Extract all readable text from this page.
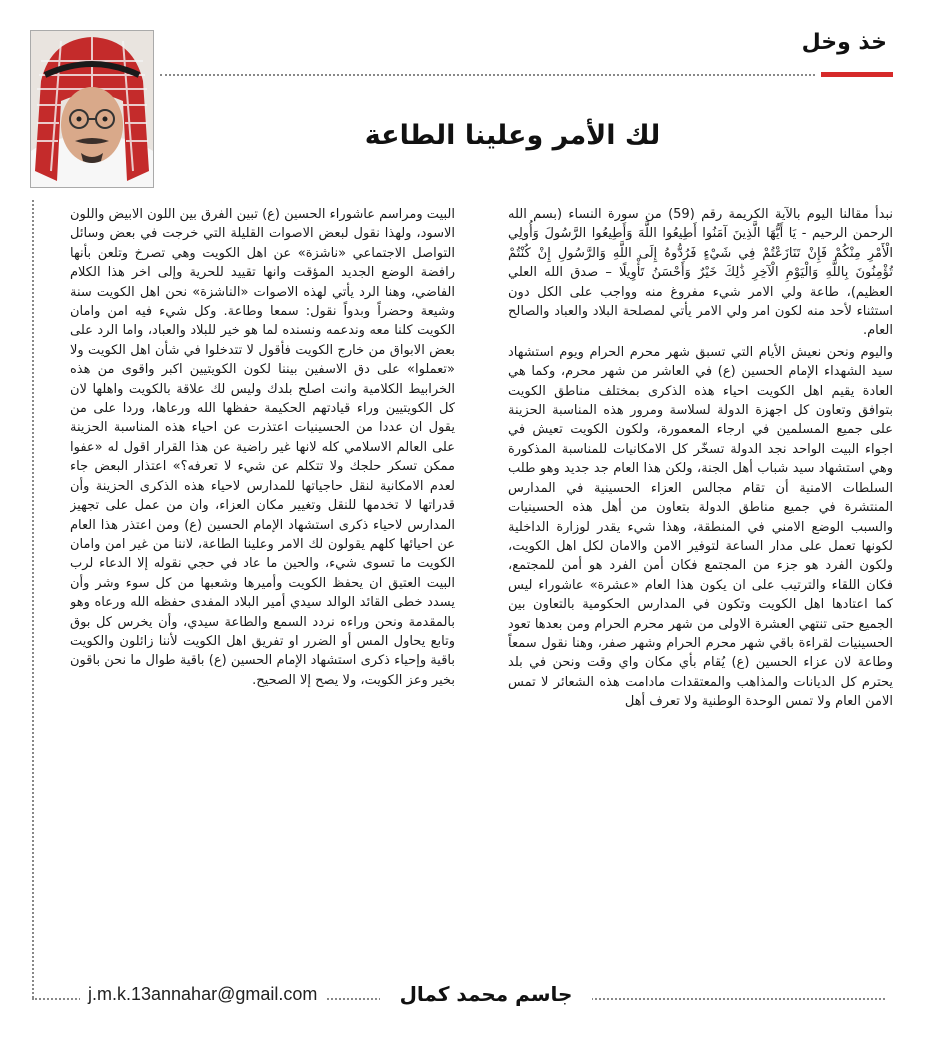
خذ وخل
لك الأمر وعلينا الطاعة

نبدأ مقالنا اليوم بالآية الكريمة رقم (59) من سورة النساء (بسم الله الرحمن الرحيم - يَا أَيُّهَا الَّذِينَ آمَنُوا أَطِيعُوا اللَّهَ وَأَطِيعُوا الرَّسُولَ وَأُولِي الْأَمْرِ مِنْكُمْ فَإِنْ تَنَازَعْتُمْ فِي شَيْءٍ فَرُدُّوهُ إِلَى اللَّهِ وَالرَّسُولِ إِنْ كُنْتُمْ تُؤْمِنُونَ بِاللَّهِ وَالْيَوْمِ الْآخِرِ ذَٰلِكَ خَيْرٌ وَأَحْسَنُ تَأْوِيلًا – صدق الله العلي العظيم)، طاعة ولي الامر شيء مفروغ منه وواجب على الكل دون استثناء لأحد منه لكون امر ولي الامر يأتي لمصلحة البلاد والعباد والصالح العام.

واليوم ونحن نعيش الأيام التي تسبق شهر محرم الحرام ويوم استشهاد سيد الشهداء الإمام الحسين (ع) في العاشر من شهر محرم، وكما هي العادة يقيم اهل الكويت احياء هذه الذكرى بمختلف مناطق الكويت بتوافق وتعاون كل اجهزة الدولة لسلاسة ومرور هذه المناسبة الحزينة على جميع المسلمين في ارجاء المعمورة، ولكون الكويت تعيش في اجواء البيت الواحد نجد الدولة تسخّر كل الامكانيات للمناسبة المذكورة وهي استشهاد سيد شباب أهل الجنة، ولكن هذا العام جد جديد وهو طلب السلطات الامنية أن تقام مجالس العزاء الحسينية في المدارس المنتشرة في جميع مناطق الدولة بتعاون من أهل هذه الحسينيات والسبب الوضع الامني في المنطقة، وهذا شيء يقدر لوزارة الداخلية لكونها تعمل على مدار الساعة لتوفير الامن والامان لكل اهل الكويت، ولكون الفرد هو جزء من المجتمع فكان أمن الفرد هو أمن للمجتمع، فكان اللقاء والترتيب على ان يكون هذا العام «عشرة» عاشوراء ليس كما اعتادها اهل الكويت وتكون في المدارس الحكومية بالتعاون بين الجميع حتى تنتهي العشرة الاولى من شهر محرم الحرام ومن بعدها تعود الحسينيات لقراءة باقي شهر محرم الحرام وشهر صفر، وهنا نقول سمعاً وطاعة لان عزاء الحسين (ع) يُقام بأي مكان واي وقت ونحن في بلد يحترم كل الديانات والمذاهب والمعتقدات مادامت هذه الشعائر لا تمس الامن العام ولا تمس الوحدة الوطنية ولا تعرف أهل

البيت ومراسم عاشوراء الحسين (ع) تبين الفرق بين اللون الابيض واللون الاسود، ولهذا نقول لبعض الاصوات القليلة التي خرجت في بعض وسائل التواصل الاجتماعي «ناشزة» عن اهل الكويت وهي تصرخ وتلعن بأنها رافضة الوضع الجديد المؤقت وانها تقييد للحرية وإلى اخر هذا الكلام الفاضي، وهنا الرد يأتي لهذه الاصوات «الناشزة» نحن اهل الكويت سنة وشيعة وحضراً وبدواً نقول: سمعا وطاعة. وكل شيء فيه امن وامان الكويت كلنا معه وندعمه ونسنده لما هو خير للبلاد والعباد، واما الرد على بعض الابواق من خارج الكويت فأقول لا تتدخلوا في شأن اهل الكويت ولا «تعملوا» على دق الاسفين بيننا لكون الكويتيين اكبر واقوى من هذه الخرابيط الكلامية وانت اصلح بلدك وليس لك علاقة بالكويت واهلها لان كل الكويتيين وراء قيادتهم الحكيمة حفظها الله ورعاها، وردا على من يقول ان عددا من الحسينيات اعتذرت عن احياء هذه المناسبة الحزينة على العالم الاسلامي كله لانها غير راضية عن هذا القرار اقول له «عفوا ممكن تسكر حلجك ولا تتكلم عن شيء لا تعرفه؟» اعتذار البعض جاء لعدم الامكانية لنقل حاجياتها للمدارس لاحياء هذه الذكرى الحزينة وأن قدراتها لا تخدمها للنقل وتغيير مكان العزاء، وان من عمل على تجهيز المدارس لاحياء ذكرى استشهاد الإمام الحسين (ع) ومن اعتذر هذا العام عن احيائها كلهم يقولون لك الامر وعلينا الطاعة، لاننا من غير امن وامان الكويت ما تسوى شيء، والحين ما عاد في حجي نقوله إلا الدعاء لرب البيت العتيق ان يحفظ الكويت وأميرها وشعبها من كل سوء وشر وأن يسدد خطى القائد الوالد سيدي أمير البلاد المفدى حفظه الله ورعاه وهو بالمقدمة ونحن وراءه نردد السمع والطاعة سيدي، وأن يخرس كل بوق وتابع يحاول المس أو الضرر او تفريق اهل الكويت لأننا زائلون والكويت باقية وإحياء ذكرى استشهاد الإمام الحسين (ع) باقية طوال ما نحن باقون بخير وعز الكويت، ولا يصح إلا الصحيح.

جاسم محمد كمال
j.m.k.13annahar@gmail.com
